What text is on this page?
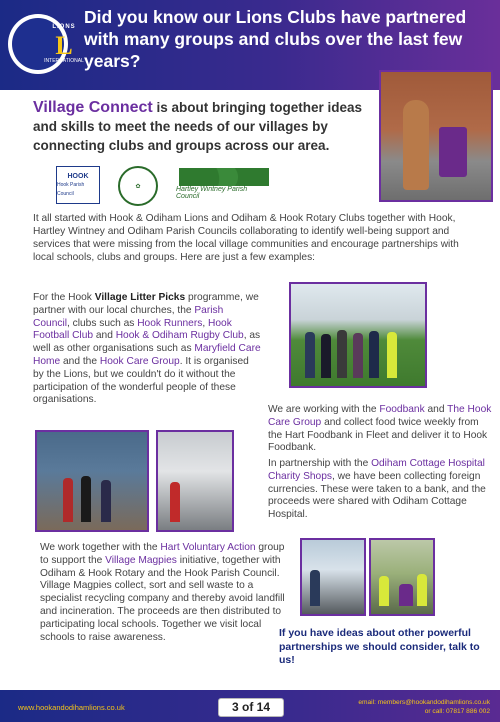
LIONS
L
INTERNATIONAL
Did you know our Lions Clubs have partnered with many groups and clubs over the last few years?

Village Connect is about bringing together ideas and skills to meet the needs of our villages by connecting clubs and groups across our area.

HOOK
Hook Parish Council
✿	Hartley Wintney Parish Council

It all started with Hook & Odiham Lions and Odiham & Hook Rotary Clubs together with Hook, Hartley Wintney and Odiham Parish Councils collaborating to identify well-being support and services that were missing from the local village communities and encourage partnerships with local schools, clubs and groups. Here are just a few examples:

For the Hook Village Litter Picks programme, we partner with our local churches, the Parish Council, clubs such as Hook Runners, Hook Football Club and Hook & Odiham Rugby Club, as well as other organisations such as Maryfield Care Home and the Hook Care Group. It is organised by the Lions, but we couldn't do it without the participation of the wonderful people of these organisations.

We are working with the Foodbank and The Hook Care Group and collect food twice weekly from the Hart Foodbank in Fleet and deliver it to Hook Foodbank.

In partnership with the Odiham Cottage Hospital Charity Shops, we have been collecting foreign currencies. These were taken to a bank, and the proceeds were shared with Odiham Cottage Hospital.

We work together with the Hart Voluntary Action group to support the Village Magpies initiative, together with Odiham & Hook Rotary and the Hook Parish Council. Village Magpies collect, sort and sell waste to a specialist recycling company and thereby avoid landfill and incineration. The proceeds are then distributed to participating local schools. Together we visit local schools to raise awareness.	If you have ideas about other powerful partnerships we should consider, talk to us!

www.hookandodihamlions.co.uk	3 of 14	email: members@hookandodihamlions.co.uk
or call: 07817 886 002
